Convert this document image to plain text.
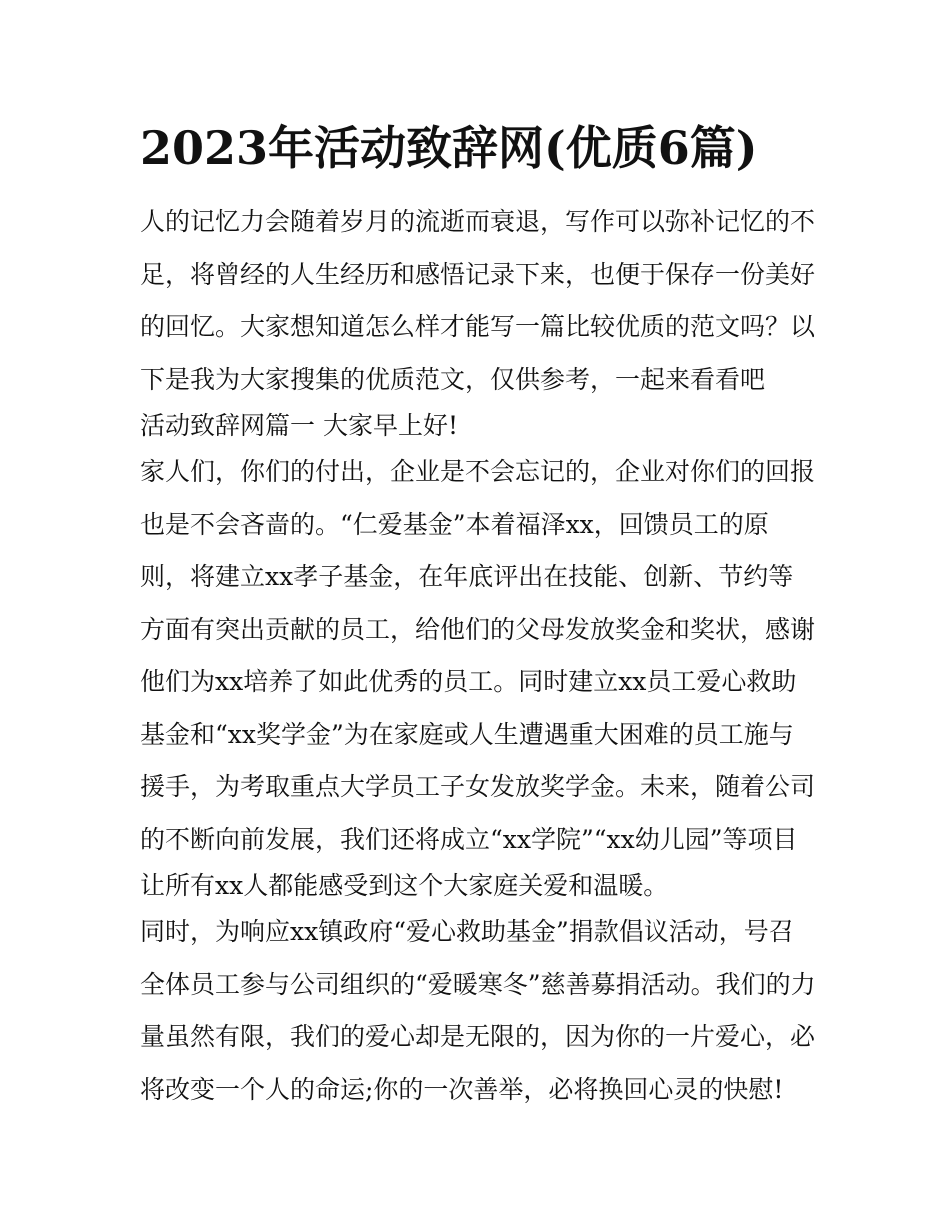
2023年活动致辞网(优质6篇)
人的记忆力会随着岁月的流逝而衰退，写作可以弥补记忆的不
足，将曾经的人生经历和感悟记录下来，也便于保存一份美好
的回忆。大家想知道怎么样才能写一篇比较优质的范文吗？以
下是我为大家搜集的优质范文，仅供参考，一起来看看吧
活动致辞网篇一 大家早上好!
家人们，你们的付出，企业是不会忘记的，企业对你们的回报
也是不会吝啬的。“仁爱基金”本着福泽xx，回馈员工的原
则，将建立xx孝子基金，在年底评出在技能、创新、节约等
方面有突出贡献的员工，给他们的父母发放奖金和奖状，感谢
他们为xx培养了如此优秀的员工。同时建立xx员工爱心救助
基金和“xx奖学金”为在家庭或人生遭遇重大困难的员工施与
援手，为考取重点大学员工子女发放奖学金。未来，随着公司
的不断向前发展，我们还将成立“xx学院”“xx幼儿园”等项目
让所有xx人都能感受到这个大家庭关爱和温暖。
同时，为响应xx镇政府“爱心救助基金”捐款倡议活动，号召
全体员工参与公司组织的“爱暖寒冬”慈善募捐活动。我们的力
量虽然有限，我们的爱心却是无限的，因为你的一片爱心，必
将改变一个人的命运;你的一次善举，必将换回心灵的快慰!
